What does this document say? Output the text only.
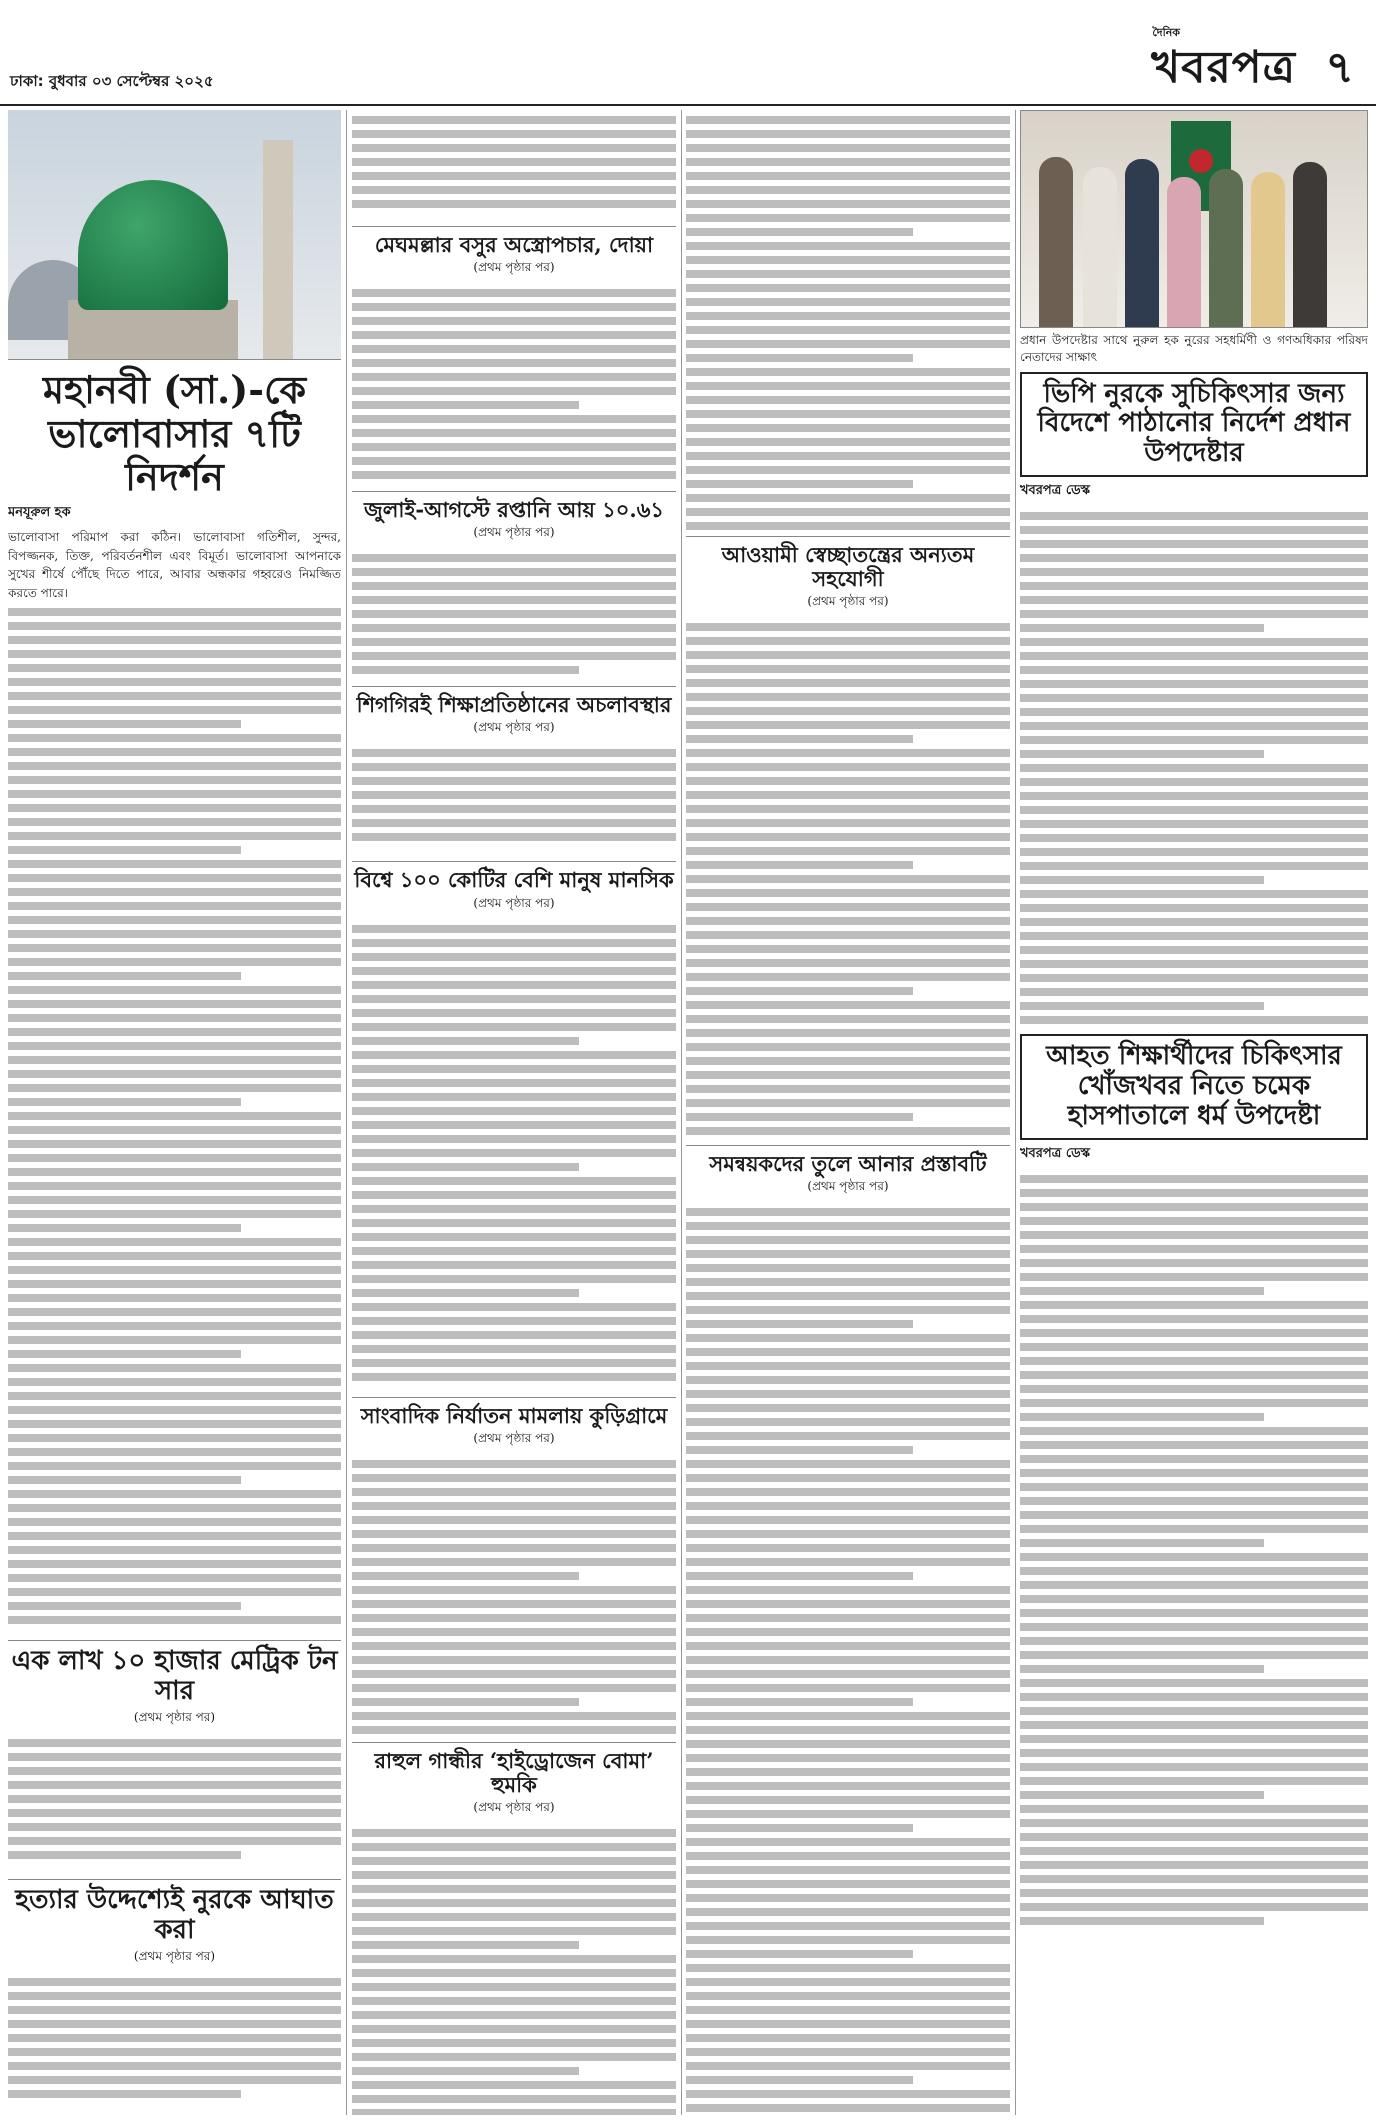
ঢাকা: বুধবার ০৩ সেপ্টেম্বর ২০২৫
দৈনিক
খবরপত্র ৭
মহানবী (সা.)-কে ভালোবাসার ৭টি নিদর্শন
মনযূরুল হক
ভালোবাসা পরিমাপ করা কঠিন। ভালোবাসা গতিশীল, সুন্দর, বিপজ্জনক, তিক্ত, পরিবর্তনশীল এবং বিমূর্ত। ভালোবাসা আপনাকে সুখের শীর্ষে পৌঁছে দিতে পারে, আবার অন্ধকার গহ্বরেও নিমজ্জিত করতে পারে।
এক লাখ ১০ হাজার মেট্রিক টন সার
(প্রথম পৃষ্ঠার পর)
হত্যার উদ্দেশ্যেই নুরকে আঘাত করা
(প্রথম পৃষ্ঠার পর)
মেঘমল্লার বসুর অস্ত্রোপচার, দোয়া
(প্রথম পৃষ্ঠার পর)
জুলাই-আগস্টে রপ্তানি আয় ১০.৬১
(প্রথম পৃষ্ঠার পর)
শিগগিরই শিক্ষাপ্রতিষ্ঠানের অচলাবস্থার
(প্রথম পৃষ্ঠার পর)
বিশ্বে ১০০ কোটির বেশি মানুষ মানসিক
(প্রথম পৃষ্ঠার পর)
সাংবাদিক নির্যাতন মামলায় কুড়িগ্রামে
(প্রথম পৃষ্ঠার পর)
রাহুল গান্ধীর ‘হাইড্রোজেন বোমা’ হুমকি
(প্রথম পৃষ্ঠার পর)
আওয়ামী স্বেচ্ছাতন্ত্রের অন্যতম সহযোগী
(প্রথম পৃষ্ঠার পর)
সমন্বয়কদের তুলে আনার প্রস্তাবটি
(প্রথম পৃষ্ঠার পর)
প্রধান উপদেষ্টার সাথে নুরুল হক নুরের সহধর্মিণী ও গণঅধিকার পরিষদ নেতাদের সাক্ষাৎ
ভিপি নুরকে সুচিকিৎসার জন্য বিদেশে পাঠানোর নির্দেশ প্রধান উপদেষ্টার
খবরপত্র ডেস্ক
আহত শিক্ষার্থীদের চিকিৎসার খোঁজখবর নিতে চমেক হাসপাতালে ধর্ম উপদেষ্টা
খবরপত্র ডেস্ক
